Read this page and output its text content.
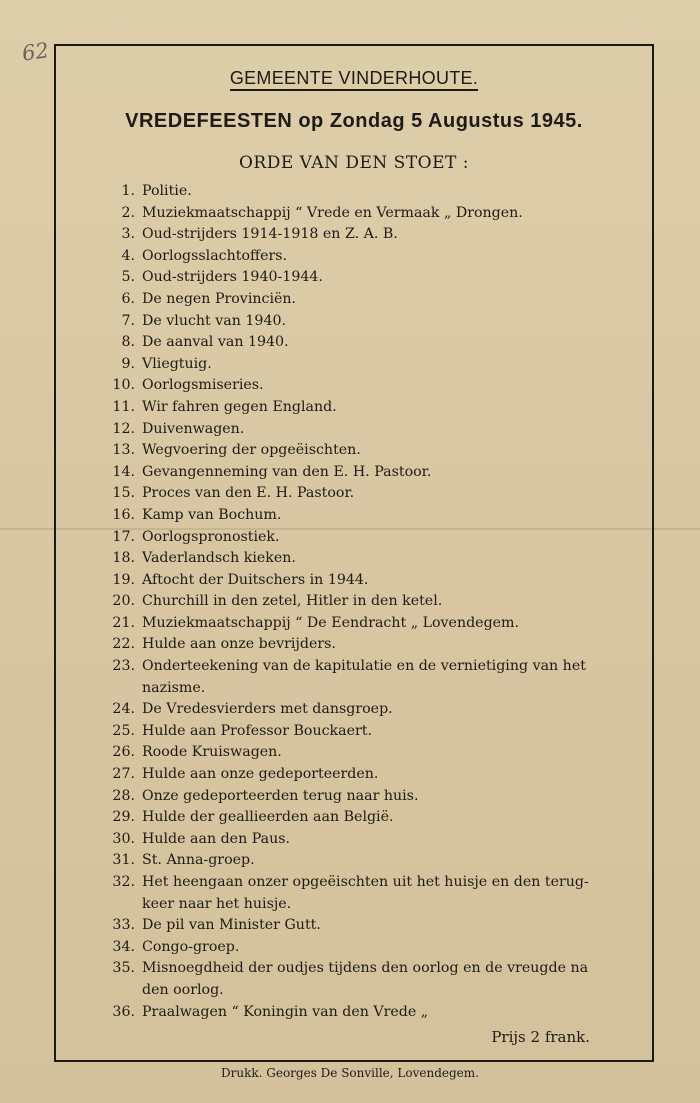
62
GEMEENTE VINDERHOUTE.
VREDEFEESTEN op Zondag 5 Augustus 1945.
ORDE VAN DEN STOET :
1. Politie.
2. Muziekmaatschappij “ Vrede en Vermaak „ Drongen.
3. Oud-strijders 1914-1918 en Z. A. B.
4. Oorlogsslachtoffers.
5. Oud-strijders 1940-1944.
6. De negen Provinciën.
7. De vlucht van 1940.
8. De aanval van 1940.
9. Vliegtuig.
10. Oorlogsmiseries.
11. Wir fahren gegen England.
12. Duivenwagen.
13. Wegvoering der opgeëischten.
14. Gevangenneming van den E. H. Pastoor.
15. Proces van den E. H. Pastoor.
16. Kamp van Bochum.
17. Oorlogspronostiek.
18. Vaderlandsch kieken.
19. Aftocht der Duitschers in 1944.
20. Churchill in den zetel, Hitler in den ketel.
21. Muziekmaatschappij “ De Eendracht „ Lovendegem.
22. Hulde aan onze bevrijders.
23. Onderteekening van de kapitulatie en de vernietiging van het nazisme.
24. De Vredesvierders met dansgroep.
25. Hulde aan Professor Bouckaert.
26. Roode Kruiswagen.
27. Hulde aan onze gedeporteerden.
28. Onze gedeporteerden terug naar huis.
29. Hulde der geallieerden aan België.
30. Hulde aan den Paus.
31. St. Anna-groep.
32. Het heengaan onzer opgeëischten uit het huisje en den terug-keer naar het huisje.
33. De pil van Minister Gutt.
34. Congo-groep.
35. Misnoegdheid der oudjes tijdens den oorlog en de vreugde na den oorlog.
36. Praalwagen “ Koningin van den Vrede „
Prijs 2 frank.
Drukk. Georges De Sonville, Lovendegem.
